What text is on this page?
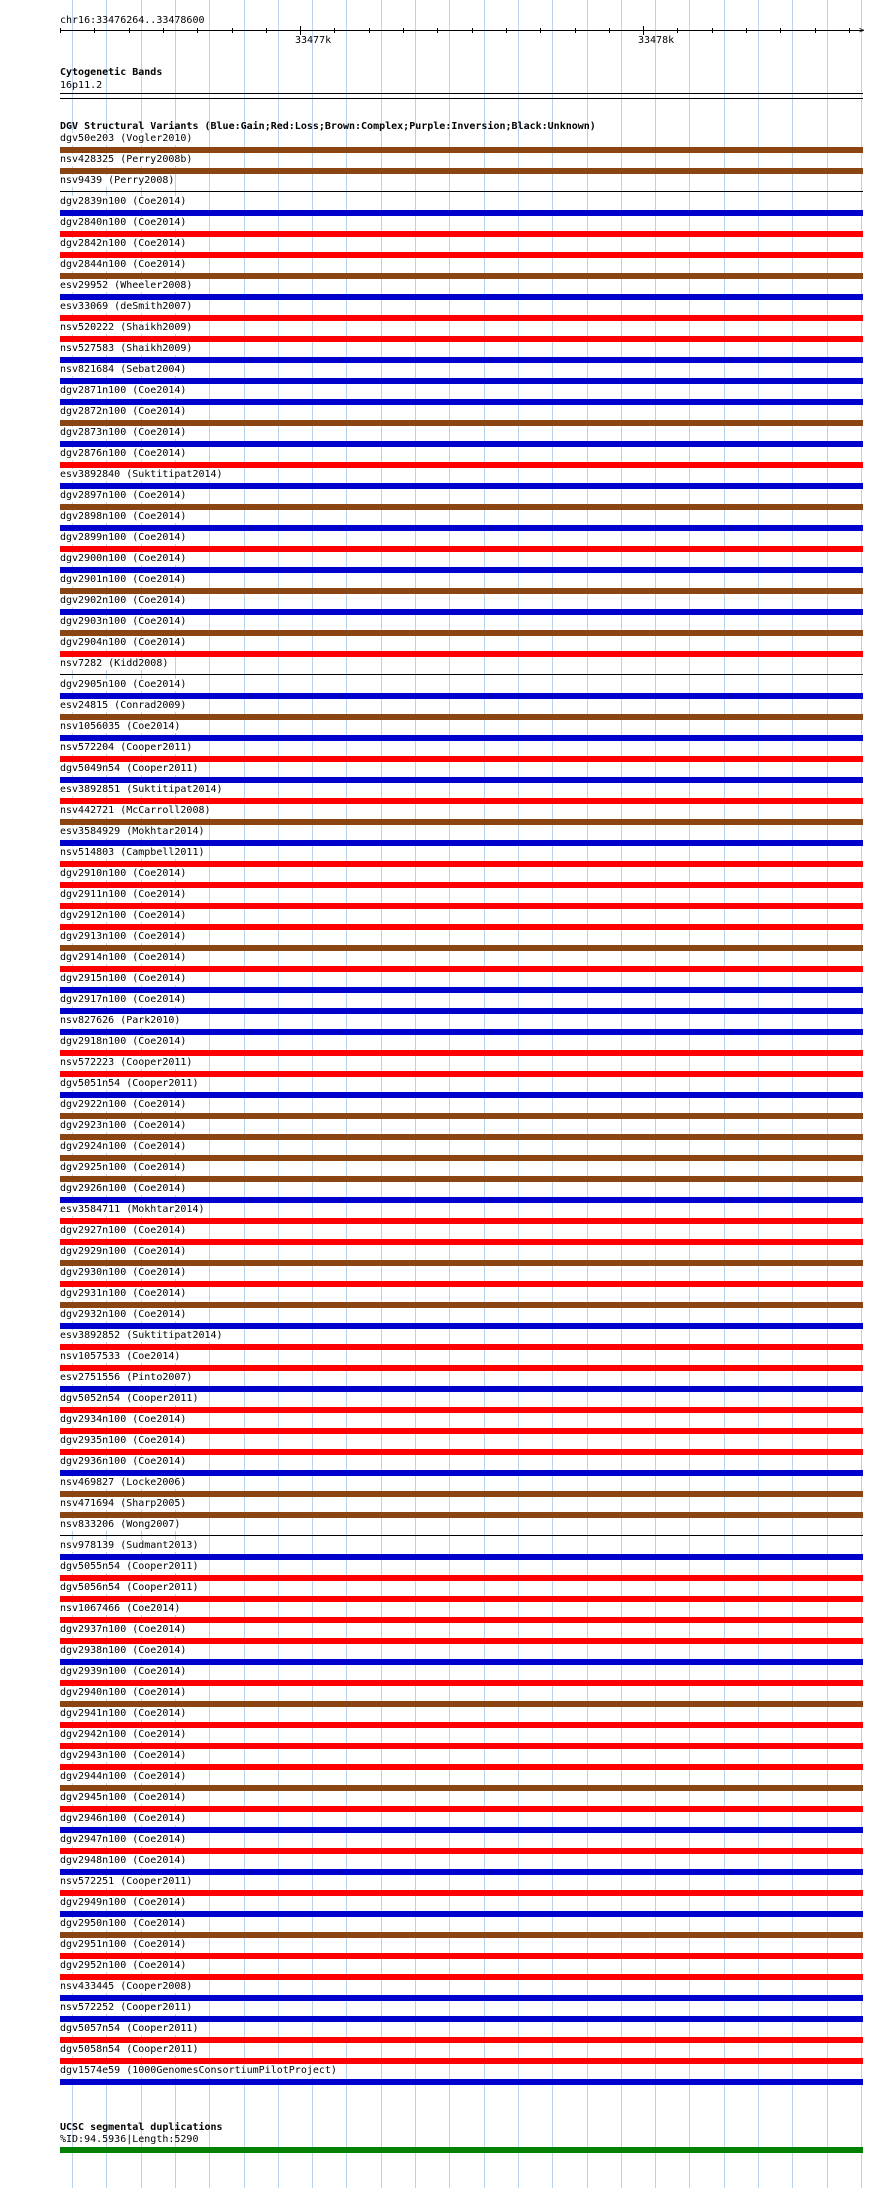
chr16:33476264..33478600
33477k	33478k
>
Cytogenetic Bands
16p11.2
DGV Structural Variants (Blue:Gain;Red:Loss;Brown:Complex;Purple:Inversion;Black:Unknown)
dgv50e203 (Vogler2010)
nsv428325 (Perry2008b)
nsv9439 (Perry2008)
dgv2839n100 (Coe2014)
dgv2840n100 (Coe2014)
dgv2842n100 (Coe2014)
dgv2844n100 (Coe2014)
esv29952 (Wheeler2008)
esv33069 (deSmith2007)
nsv520222 (Shaikh2009)
nsv527583 (Shaikh2009)
nsv821684 (Sebat2004)
dgv2871n100 (Coe2014)
dgv2872n100 (Coe2014)
dgv2873n100 (Coe2014)
dgv2876n100 (Coe2014)
esv3892840 (Suktitipat2014)
dgv2897n100 (Coe2014)
dgv2898n100 (Coe2014)
dgv2899n100 (Coe2014)
dgv2900n100 (Coe2014)
dgv2901n100 (Coe2014)
dgv2902n100 (Coe2014)
dgv2903n100 (Coe2014)
dgv2904n100 (Coe2014)
nsv7282 (Kidd2008)
dgv2905n100 (Coe2014)
esv24815 (Conrad2009)
nsv1056035 (Coe2014)
nsv572204 (Cooper2011)
dgv5049n54 (Cooper2011)
esv3892851 (Suktitipat2014)
nsv442721 (McCarroll2008)
esv3584929 (Mokhtar2014)
nsv514803 (Campbell2011)
dgv2910n100 (Coe2014)
dgv2911n100 (Coe2014)
dgv2912n100 (Coe2014)
dgv2913n100 (Coe2014)
dgv2914n100 (Coe2014)
dgv2915n100 (Coe2014)
dgv2917n100 (Coe2014)
nsv827626 (Park2010)
dgv2918n100 (Coe2014)
nsv572223 (Cooper2011)
dgv5051n54 (Cooper2011)
dgv2922n100 (Coe2014)
dgv2923n100 (Coe2014)
dgv2924n100 (Coe2014)
dgv2925n100 (Coe2014)
dgv2926n100 (Coe2014)
esv3584711 (Mokhtar2014)
dgv2927n100 (Coe2014)
dgv2929n100 (Coe2014)
dgv2930n100 (Coe2014)
dgv2931n100 (Coe2014)
dgv2932n100 (Coe2014)
esv3892852 (Suktitipat2014)
nsv1057533 (Coe2014)
esv2751556 (Pinto2007)
dgv5052n54 (Cooper2011)
dgv2934n100 (Coe2014)
dgv2935n100 (Coe2014)
dgv2936n100 (Coe2014)
nsv469827 (Locke2006)
nsv471694 (Sharp2005)
nsv833206 (Wong2007)
nsv978139 (Sudmant2013)
dgv5055n54 (Cooper2011)
dgv5056n54 (Cooper2011)
nsv1067466 (Coe2014)
dgv2937n100 (Coe2014)
dgv2938n100 (Coe2014)
dgv2939n100 (Coe2014)
dgv2940n100 (Coe2014)
dgv2941n100 (Coe2014)
dgv2942n100 (Coe2014)
dgv2943n100 (Coe2014)
dgv2944n100 (Coe2014)
dgv2945n100 (Coe2014)
dgv2946n100 (Coe2014)
dgv2947n100 (Coe2014)
dgv2948n100 (Coe2014)
nsv572251 (Cooper2011)
dgv2949n100 (Coe2014)
dgv2950n100 (Coe2014)
dgv2951n100 (Coe2014)
dgv2952n100 (Coe2014)
nsv433445 (Cooper2008)
nsv572252 (Cooper2011)
dgv5057n54 (Cooper2011)
dgv5058n54 (Cooper2011)
dgv1574e59 (1000GenomesConsortiumPilotProject)
UCSC segmental duplications
%ID:94.5936|Length:5290
